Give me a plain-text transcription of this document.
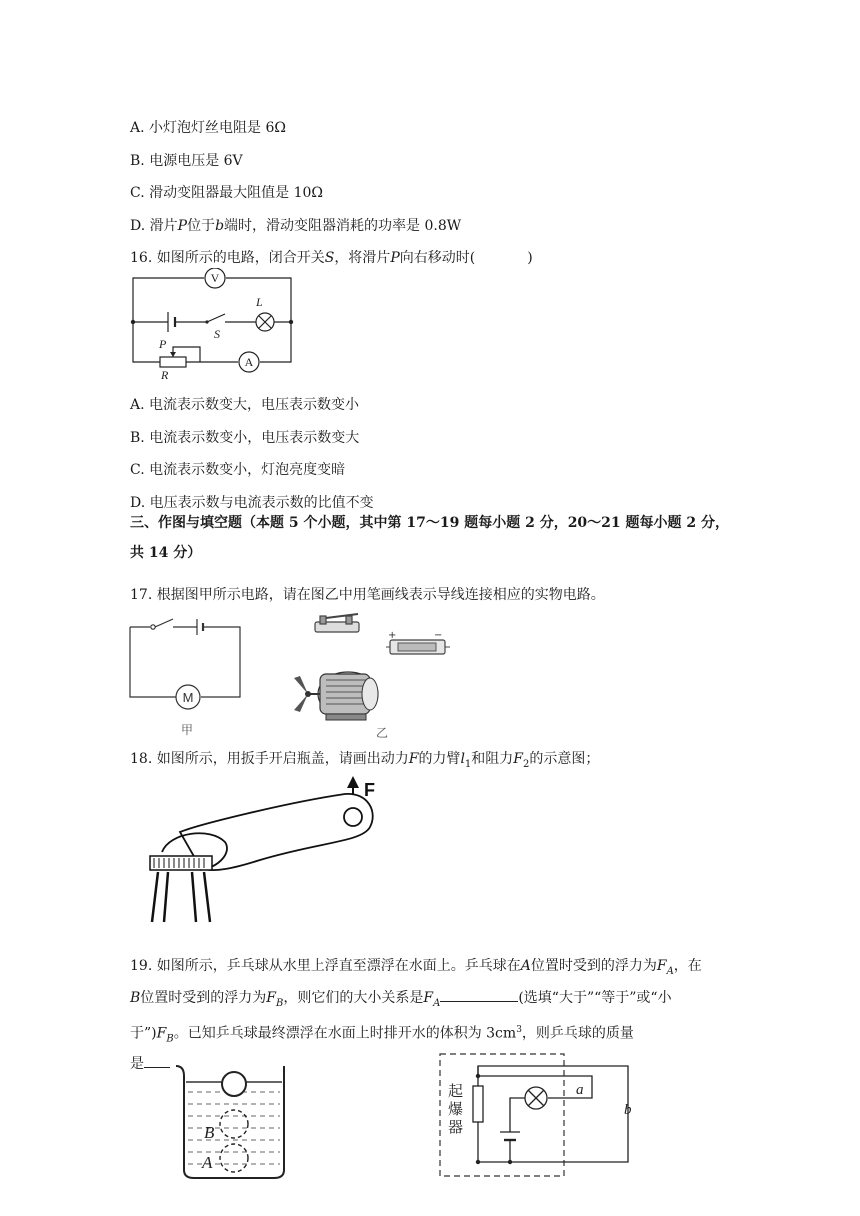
A. 小灯泡灯丝电阻是 6Ω
B. 电源电压是 6V
C. 滑动变阻器最大阻值是 10Ω
D. 滑片P位于b端时，滑动变阻器消耗的功率是 0.8W
16. 如图所示的电路，闭合开关S，将滑片P向右移动时(	)
V
A
L
S
P
R
A. 电流表示数变大，电压表示数变小
B. 电流表示数变小，电压表示数变大
C. 电流表示数变小，灯泡亮度变暗
D. 电压表示数与电流表示数的比值不变
三、作图与填空题（本题 5 个小题，其中第 17～19 题每小题 2 分，20～21 题每小题 2 分，
共 14 分）
17. 根据图甲所示电路，请在图乙中用笔画线表示导线连接相应的实物电路。
M
甲
+	−
乙
18. 如图所示，用扳手开启瓶盖，请画出动力F的力臂$l_1$和阻力$F_2$的示意图；
F
19. 如图所示，乒乓球从水里上浮直至漂浮在水面上。乒乓球在A位置时受到的浮力为$F_A$，在
B位置时受到的浮力为$F_B$，则它们的大小关系是$F_A$	(选填“大于”“等于”或“小
于$”)F_B$。已知乒乓球最终漂浮在水面上时排开水的体积为 $3cm^3$，则乒乓球的质量
是
B
A
起爆器
a
b
